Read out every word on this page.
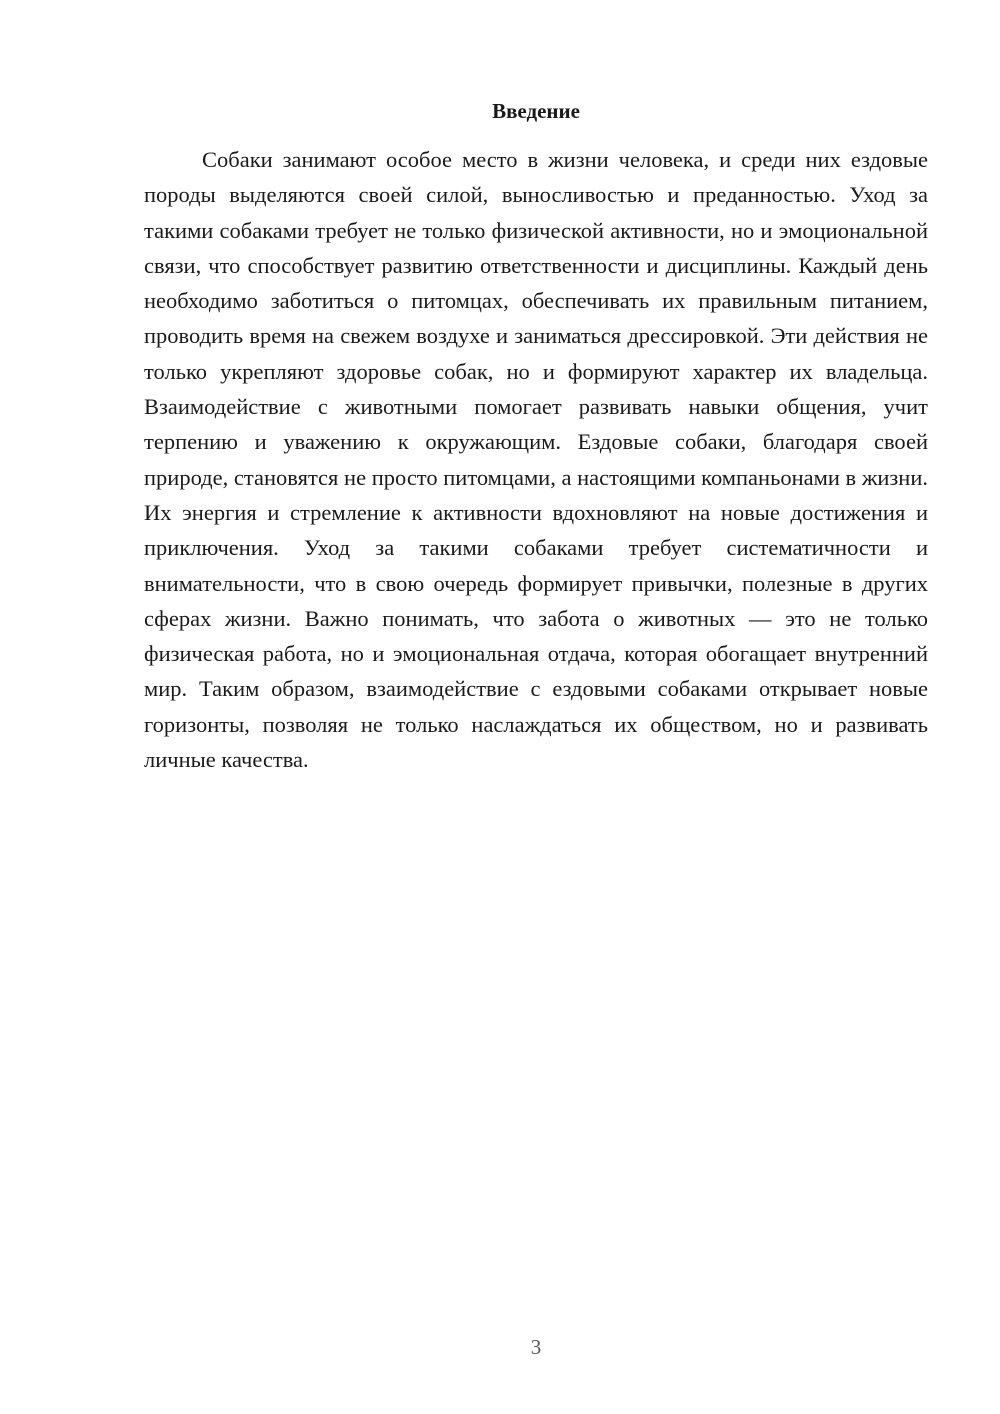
Введение

Собаки занимают особое место в жизни человека, и среди них ездовые породы выделяются своей силой, выносливостью и преданностью. Уход за такими собаками требует не только физической активности, но и эмоциональной связи, что способствует развитию ответственности и дисциплины. Каждый день необходимо заботиться о питомцах, обеспечивать их правильным питанием, проводить время на свежем воздухе и заниматься дрессировкой. Эти действия не только укрепляют здоровье собак, но и формируют характер их владельца. Взаимодействие с животными помогает развивать навыки общения, учит терпению и уважению к окружающим. Ездовые собаки, благодаря своей природе, становятся не просто питомцами, а настоящими компаньонами в жизни. Их энергия и стремление к активности вдохновляют на новые достижения и приключения. Уход за такими собаками требует систематичности и внимательности, что в свою очередь формирует привычки, полезные в других сферах жизни. Важно понимать, что забота о животных — это не только физическая работа, но и эмоциональная отдача, которая обогащает внутренний мир. Таким образом, взаимодействие с ездовыми собаками открывает новые горизонты, позволяя не только наслаждаться их обществом, но и развивать личные качества.

3
